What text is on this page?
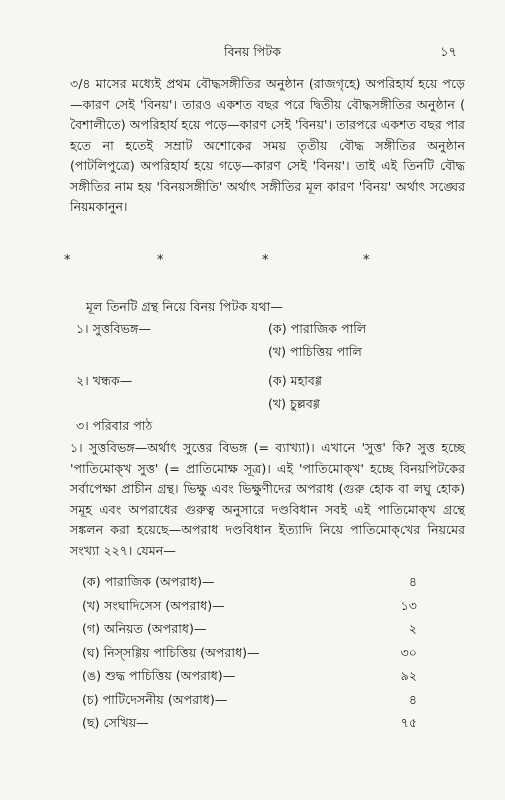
বিনয় পিটক	১৭
৩/৪ মাসের মধ্যেই প্রথম বৌদ্ধসঙ্গীতির অনুষ্ঠান (রাজগৃহে) অপরিহার্য হয়ে পড়ে—কারণ সেই 'বিনয়'। তারও একশত বছর পরে দ্বিতীয় বৌদ্ধসঙ্গীতির অনুষ্ঠান ( বৈশালীতে) অপরিহার্য হয়ে পড়ে—কারণ সেই 'বিনয়'। তারপরে একশত বছর পার হতে না হতেই সম্রাট অশোকের সময় তৃতীয় বৌদ্ধ সঙ্গীতির অনুষ্ঠান (পাটলিপুত্রে) অপরিহার্য হয়ে গড়ে—কারণ সেই 'বিনয়'। তাই এই তিনটি বৌদ্ধ সঙ্গীতির নাম হয় 'বিনয়সঙ্গীতি' অর্থাৎ সঙ্গীতির মূল কারণ 'বিনয়' অর্থাৎ সঙ্ঘের নিয়মকানুন।
*	*	*	*
মূল তিনটি গ্রন্থ নিয়ে বিনয় পিটক যথা—
১। সুত্তবিভঙ্গ—	(ক) পারাজিক পালি
(খ) পাচিত্তিয় পালি
২। খন্ধক—	(ক) মহাবগ্গ
(খ) চুল্লবগ্গ
৩। পরিবার পাঠ
১। সুত্তবিভঙ্গ—অর্থাৎ সুত্তের বিভঙ্গ (= ব্যাখ্যা)। এখানে 'সুত্ত' কি? সুত্ত হচ্ছে 'পাতিমোক্‌খ সুত্ত' (= প্রাতিমোক্ষ সূত্র)। এই 'পাতিমোক্‌খ' হচ্ছে বিনয়পিটকের সর্বাপেক্ষা প্রাচীন গ্রন্থ। ভিক্ষু এবং ভিক্ষুণীদের অপরাধ (গুরু হোক বা লঘু হোক) সমূহ এবং অপরাধের গুরুত্ব অনুসারে দণ্ডবিধান সবই এই পাতিমোক্‌খ গ্রন্থে সঙ্কলন করা হয়েছে—অপরাধ দণ্ডবিধান ইত্যাদি নিয়ে পাতিমোক্‌খের নিয়মের সংখ্যা ২২৭। যেমন—
(ক) পারাজিক (অপরাধ)—	৪
(খ) সংঘাদিসেস (অপরাধ)—	১৩
(গ) অনিয়ত (অপরাধ)—	২
(ঘ) নিস্সগ্গিয় পাচিত্তিয় (অপরাধ)—	৩০
(ঙ) শুদ্ধ পাচিত্তিয় (অপরাধ)—	৯২
(চ) পাটিদেসনীয় (অপরাধ)—	৪
(ছ) সেখিয়—	৭৫
